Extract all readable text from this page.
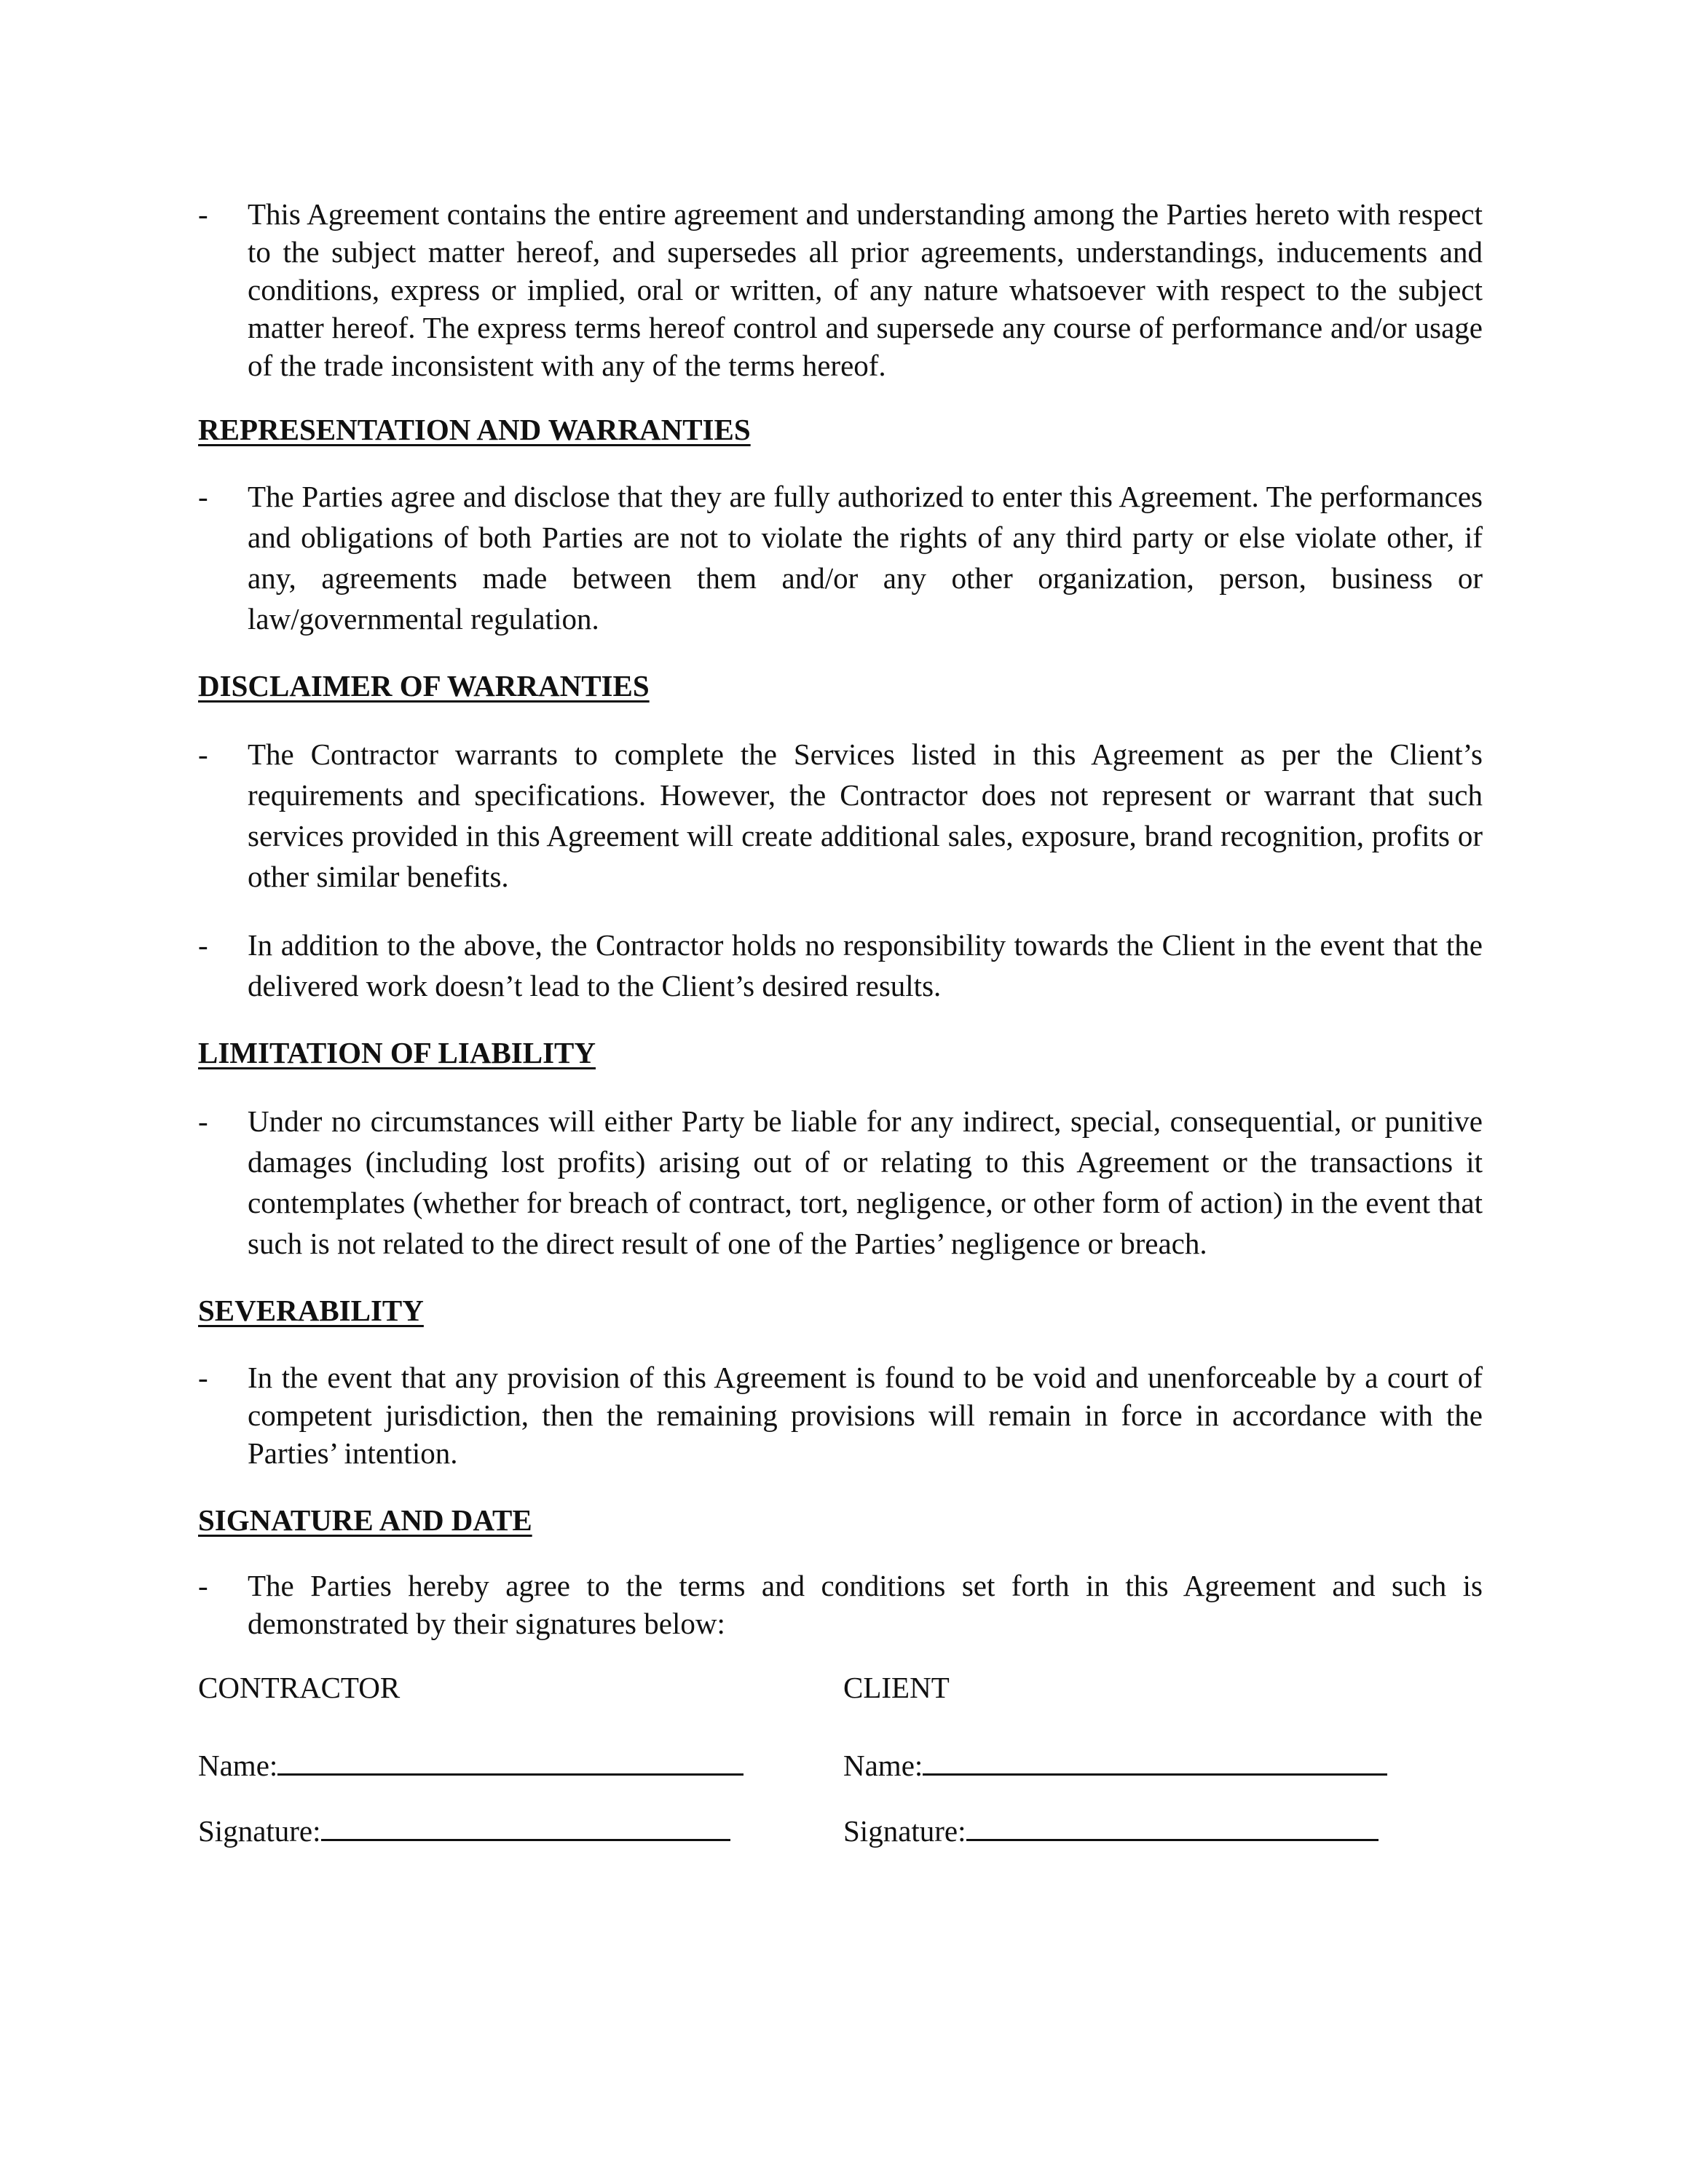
- This Agreement contains the entire agreement and understanding among the Parties hereto with respect to the subject matter hereof, and supersedes all prior agreements, understandings, inducements and conditions, express or implied, oral or written, of any nature whatsoever with respect to the subject matter hereof. The express terms hereof control and supersede any course of performance and/or usage of the trade inconsistent with any of the terms hereof.

REPRESENTATION AND WARRANTIES

- The Parties agree and disclose that they are fully authorized to enter this Agreement. The performances and obligations of both Parties are not to violate the rights of any third party or else violate other, if any, agreements made between them and/or any other organization, person, business or law/governmental regulation.

DISCLAIMER OF WARRANTIES

- The Contractor warrants to complete the Services listed in this Agreement as per the Client’s requirements and specifications. However, the Contractor does not represent or warrant that such services provided in this Agreement will create additional sales, exposure, brand recognition, profits or other similar benefits.

- In addition to the above, the Contractor holds no responsibility towards the Client in the event that the delivered work doesn’t lead to the Client’s desired results.

LIMITATION OF LIABILITY

- Under no circumstances will either Party be liable for any indirect, special, consequential, or punitive damages (including lost profits) arising out of or relating to this Agreement or the transactions it contemplates (whether for breach of contract, tort, negligence, or other form of action) in the event that such is not related to the direct result of one of the Parties’ negligence or breach.

SEVERABILITY

- In the event that any provision of this Agreement is found to be void and unenforceable by a court of competent jurisdiction, then the remaining provisions will remain in force in accordance with the Parties’ intention.

SIGNATURE AND DATE

- The Parties hereby agree to the terms and conditions set forth in this Agreement and such is demonstrated by their signatures below:

CONTRACTOR	CLIENT
Name:	Name:
Signature:	Signature:
